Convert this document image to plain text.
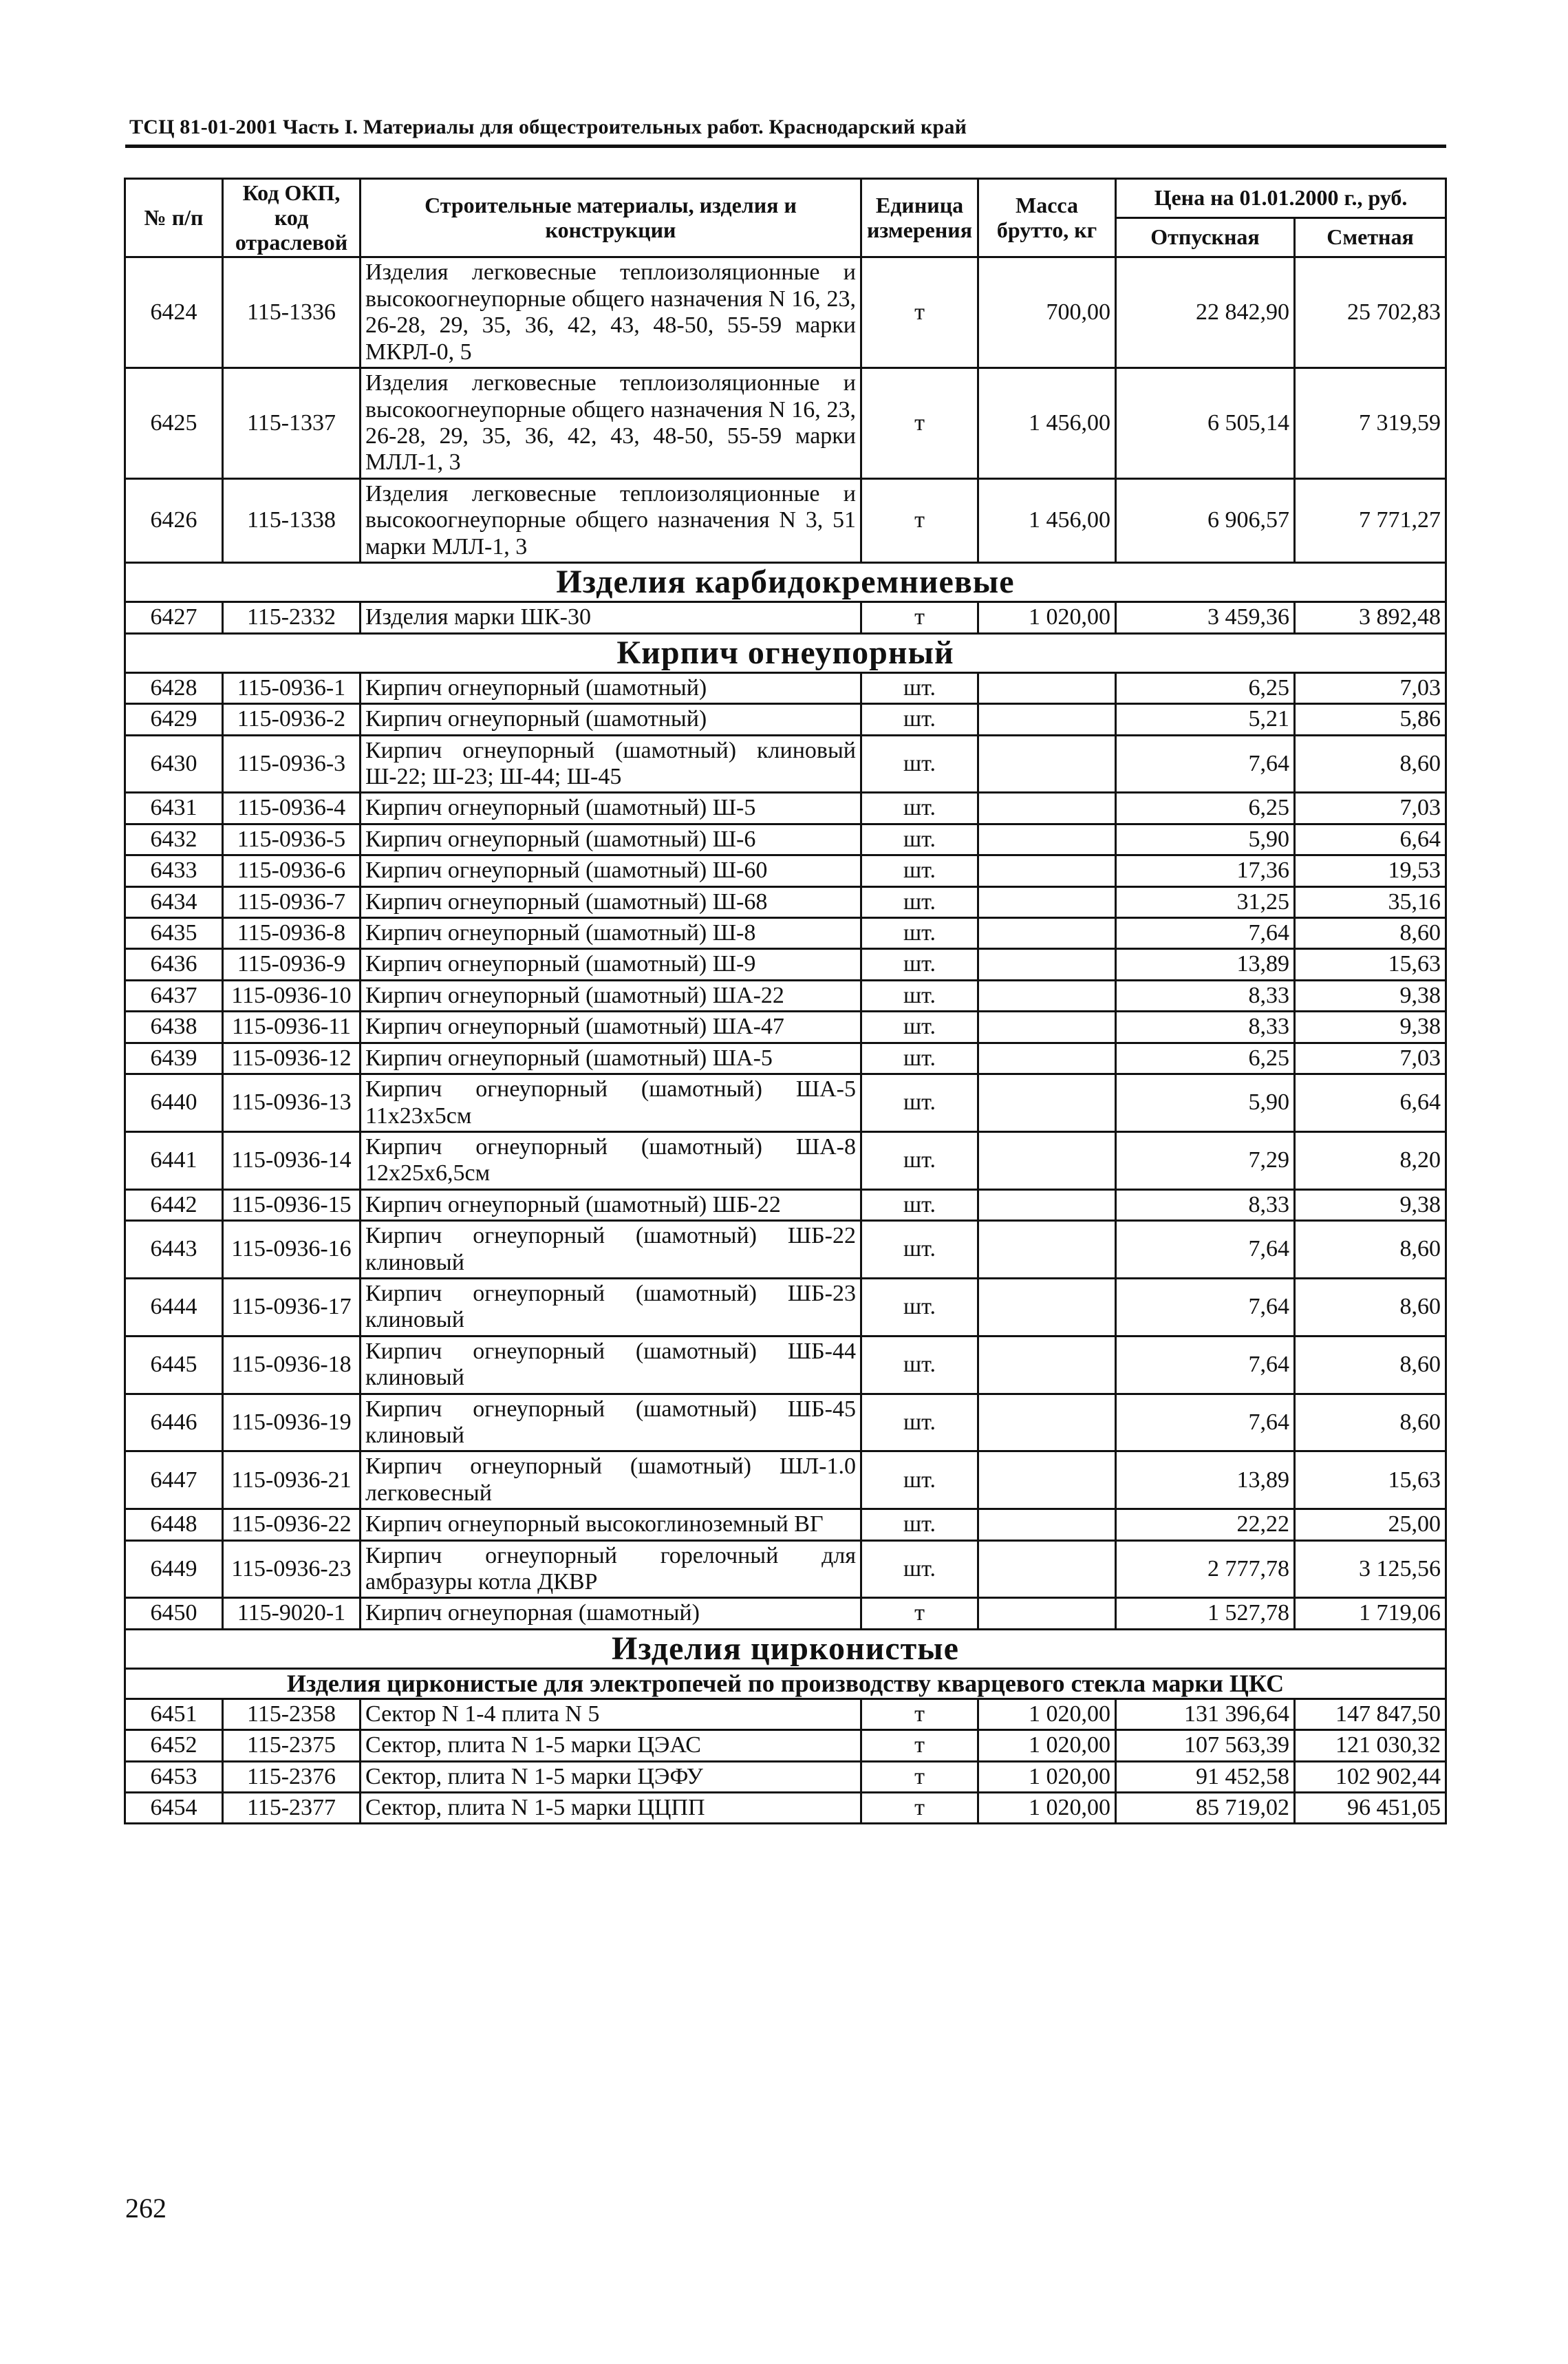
ТСЦ 81-01-2001 Часть I. Материалы для общестроительных работ. Краснодарский край
№ п/п	Код ОКП, код отраслевой	Строительные материалы, изделия и конструкции	Единица измерения	Масса брутто, кг	Цена на 01.01.2000 г., руб.	
					Отпускная	Сметная
6424	115-1336	Изделия легковесные теплоизоляционные и высокоогнеупорные общего назначения N 16, 23, 26-28, 29, 35, 36, 42, 43, 48-50, 55-59 марки МКРЛ-0, 5	т	700,00	22 842,90	25 702,83
6425	115-1337	Изделия легковесные теплоизоляционные и высокоогнеупорные общего назначения N 16, 23, 26-28, 29, 35, 36, 42, 43, 48-50, 55-59 марки МЛЛ-1, 3	т	1 456,00	6 505,14	7 319,59
6426	115-1338	Изделия легковесные теплоизоляционные и высокоогнеупорные общего назначения N 3, 51 марки МЛЛ-1, 3	т	1 456,00	6 906,57	7 771,27
Изделия карбидокремниевые						
6427	115-2332	Изделия марки ШК-30	т	1 020,00	3 459,36	3 892,48
Кирпич огнеупорный						
6428	115-0936-1	Кирпич огнеупорный (шамотный)	шт.		6,25	7,03
6429	115-0936-2	Кирпич огнеупорный (шамотный)	шт.		5,21	5,86
6430	115-0936-3	Кирпич огнеупорный (шамотный) клиновый Ш-22; Ш-23; Ш-44; Ш-45	шт.		7,64	8,60
6431	115-0936-4	Кирпич огнеупорный (шамотный) Ш-5	шт.		6,25	7,03
6432	115-0936-5	Кирпич огнеупорный (шамотный) Ш-6	шт.		5,90	6,64
6433	115-0936-6	Кирпич огнеупорный (шамотный) Ш-60	шт.		17,36	19,53
6434	115-0936-7	Кирпич огнеупорный (шамотный) Ш-68	шт.		31,25	35,16
6435	115-0936-8	Кирпич огнеупорный (шамотный) Ш-8	шт.		7,64	8,60
6436	115-0936-9	Кирпич огнеупорный (шамотный) Ш-9	шт.		13,89	15,63
6437	115-0936-10	Кирпич огнеупорный (шамотный) ША-22	шт.		8,33	9,38
6438	115-0936-11	Кирпич огнеупорный (шамотный) ША-47	шт.		8,33	9,38
6439	115-0936-12	Кирпич огнеупорный (шамотный) ША-5	шт.		6,25	7,03
6440	115-0936-13	Кирпич огнеупорный (шамотный) ША-5 11х23х5см	шт.		5,90	6,64
6441	115-0936-14	Кирпич огнеупорный (шамотный) ША-8 12х25х6,5см	шт.		7,29	8,20
6442	115-0936-15	Кирпич огнеупорный (шамотный) ШБ-22	шт.		8,33	9,38
6443	115-0936-16	Кирпич огнеупорный (шамотный) ШБ-22 клиновый	шт.		7,64	8,60
6444	115-0936-17	Кирпич огнеупорный (шамотный) ШБ-23 клиновый	шт.		7,64	8,60
6445	115-0936-18	Кирпич огнеупорный (шамотный) ШБ-44 клиновый	шт.		7,64	8,60
6446	115-0936-19	Кирпич огнеупорный (шамотный) ШБ-45 клиновый	шт.		7,64	8,60
6447	115-0936-21	Кирпич огнеупорный (шамотный) ШЛ-1.0 легковесный	шт.		13,89	15,63
6448	115-0936-22	Кирпич огнеупорный высокоглиноземный ВГ	шт.		22,22	25,00
6449	115-0936-23	Кирпич огнеупорный горелочный для амбразуры котла ДКВР	шт.		2 777,78	3 125,56
6450	115-9020-1	Кирпич огнеупорная (шамотный)	т		1 527,78	1 719,06
Изделия цирконистые						
Изделия цирконистые для электропечей по производству кварцевого стекла марки ЦКС						
6451	115-2358	Сектор N 1-4 плита N 5	т	1 020,00	131 396,64	147 847,50
6452	115-2375	Сектор, плита N 1-5 марки ЦЭАС	т	1 020,00	107 563,39	121 030,32
6453	115-2376	Сектор, плита N 1-5 марки ЦЭФУ	т	1 020,00	91 452,58	102 902,44
6454	115-2377	Сектор, плита N 1-5 марки ЦЦПП	т	1 020,00	85 719,02	96 451,05
262
